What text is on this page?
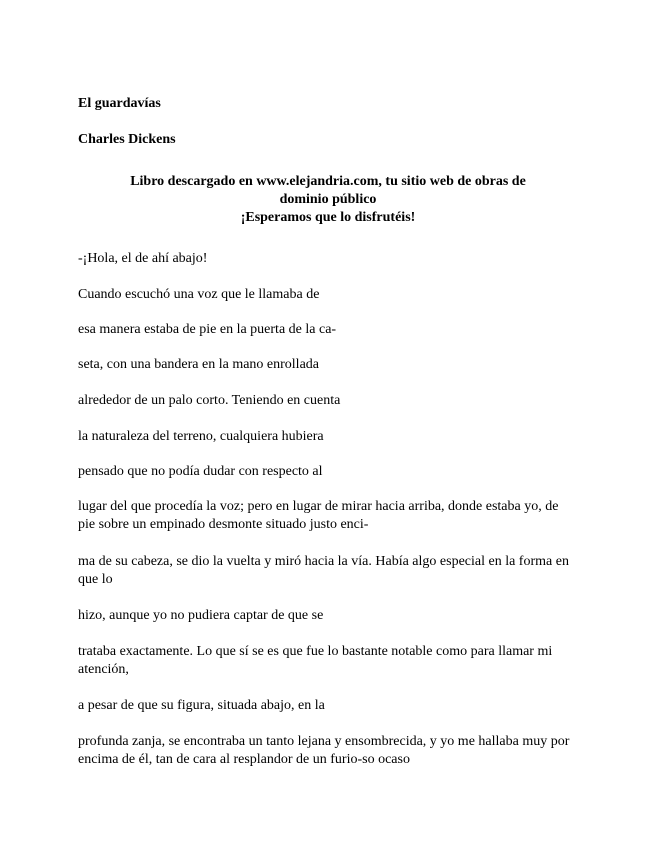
El guardavías

Charles Dickens

Libro descargado en www.elejandria.com, tu sitio web de obras de
dominio público
¡Esperamos que lo disfrutéis!

-¡Hola, el de ahí abajo!

Cuando escuchó una voz que le llamaba de

esa manera estaba de pie en la puerta de la ca-

seta, con una bandera en la mano enrollada

alrededor de un palo corto. Teniendo en cuenta

la naturaleza del terreno, cualquiera hubiera

pensado que no podía dudar con respecto al

lugar del que procedía la voz; pero en lugar de mirar hacia arriba, donde estaba yo, de pie sobre un empinado desmonte situado justo enci-

ma de su cabeza, se dio la vuelta y miró hacia la vía. Había algo especial en la forma en que lo

hizo, aunque yo no pudiera captar de que se

trataba exactamente. Lo que sí se es que fue lo bastante notable como para llamar mi atención,

a pesar de que su figura, situada abajo, en la

profunda zanja, se encontraba un tanto lejana y ensombrecida, y yo me hallaba muy por encima de él, tan de cara al resplandor de un furio-so ocaso
